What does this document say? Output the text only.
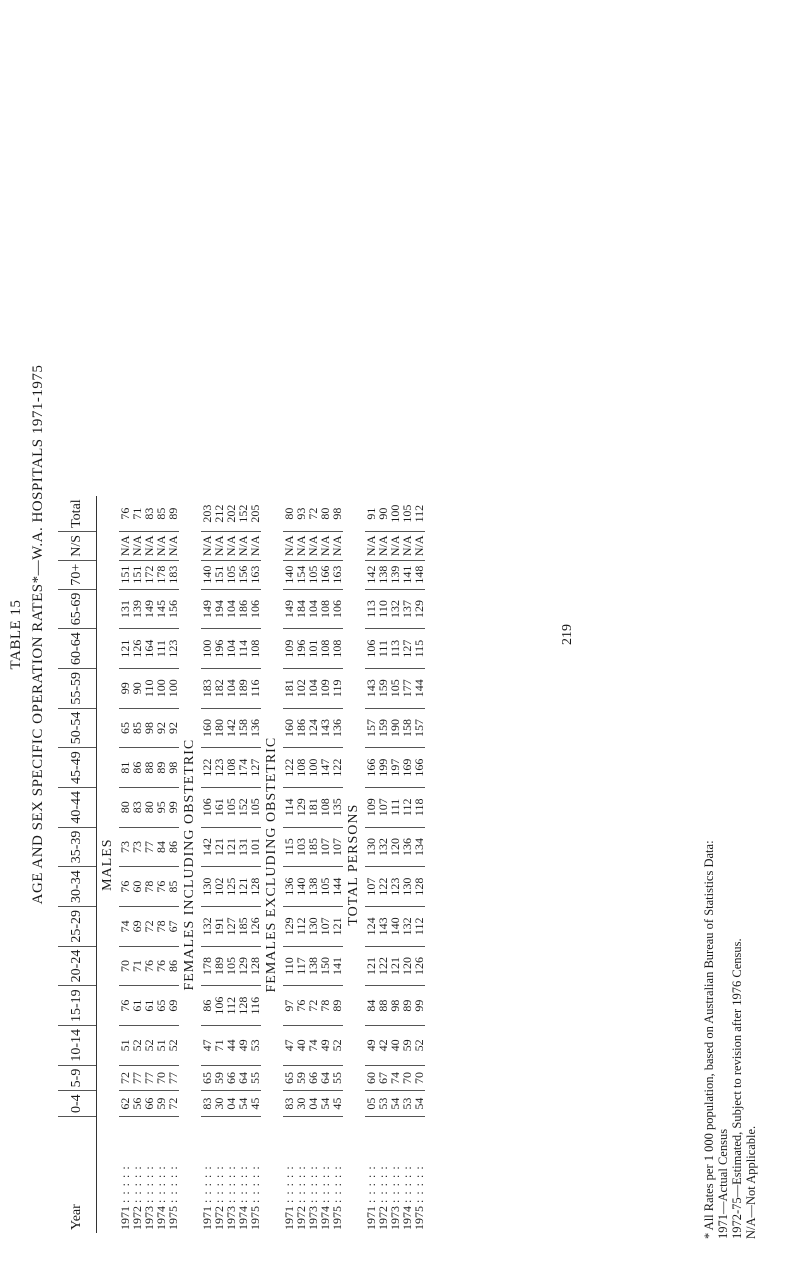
TABLE 15 AGE AND SEX SPECIFIC OPERATION RATES*—W.A. HOSPITALS 1971-1975
Year	0-4	5-9	10-14	15-19	20-24	25-29	30-34	35-39	40-44	45-49	50-54	55-59	60-64	65-69	70+	N/S	Total
MALES																	
1971 : : : : :	62	72	51	76	70	74	76	73	80	81	65	99	121	131	151	N/A	76
1972 : : : : :	56	77	52	61	71	69	60	73	83	86	85	90	126	139	151	N/A	71
1973 : : : : :	66	77	52	61	76	72	78	77	80	88	98	110	164	149	172	N/A	83
1974 : : : : :	59	70	51	65	76	78	76	84	95	89	92	100	111	145	178	N/A	85
1975 : : : : :	72	77	52	69	86	67	85	86	99	98	92	100	123	156	183	N/A	89
FEMALES INCLUDING OBSTETRIC																	
1971 : : : : :	83	65	47	86	178	132	130	142	106	122	160	183	100	149	140	N/A	203
1972 : : : : :	30	59	71	106	189	191	102	121	161	123	180	182	196	194	151	N/A	212
1973 : : : : :	04	66	44	112	105	127	125	121	105	108	142	104	104	104	105	N/A	202
1974 : : : : :	54	64	49	128	129	185	121	131	152	174	158	189	114	186	156	N/A	152
1975 : : : : :	45	55	53	116	128	126	128	101	105	127	136	116	108	106	163	N/A	205
FEMALES EXCLUDING OBSTETRIC																	
1971 : : : : :	83	65	47	97	110	129	136	115	114	122	160	181	109	149	140	N/A	80
1972 : : : : :	30	59	40	76	117	112	140	103	129	108	186	102	196	184	154	N/A	93
1973 : : : : :	04	66	74	72	138	130	138	185	181	100	124	104	101	104	105	N/A	72
1974 : : : : :	54	64	49	78	150	107	105	107	108	147	143	109	108	108	166	N/A	80
1975 : : : : :	45	55	52	89	141	121	144	107	135	122	136	119	108	106	163	N/A	98
TOTAL PERSONS																	
1971 : : : : :	05	60	49	84	121	124	107	130	109	166	157	143	106	113	142	N/A	91
1972 : : : : :	53	67	42	88	122	143	122	132	107	199	159	159	111	110	138	N/A	90
1973 : : : : :	54	74	40	98	121	140	123	120	111	197	190	105	113	132	139	N/A	100
1974 : : : : :	53	70	59	89	120	132	130	136	112	169	158	177	127	137	141	N/A	105
1975 : : : : :	54	70	52	99	126	112	128	134	118	166	157	144	115	129	148	N/A	112
219
* All Rates per 1 000 population, based on Australian Bureau of Statistics Data: 1971—Actual Census 1972-75—Estimated, Subject to revision after 1976 Census. N/A—Not Applicable.
